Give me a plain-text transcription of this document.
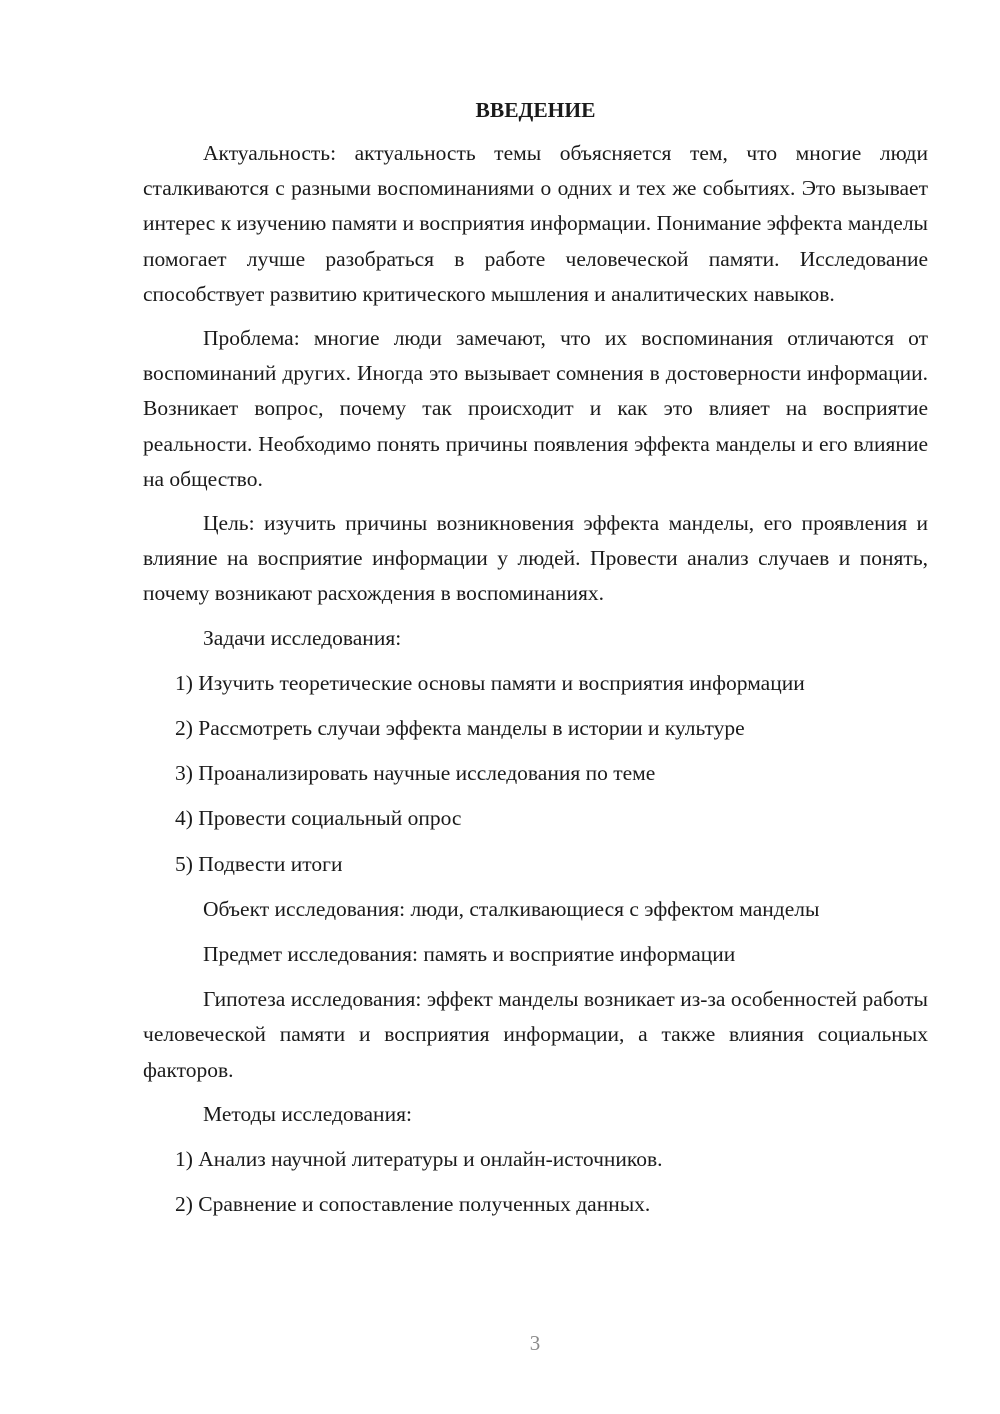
ВВЕДЕНИЕ

Актуальность: актуальность темы объясняется тем, что многие люди сталкиваются с разными воспоминаниями о одних и тех же событиях. Это вызывает интерес к изучению памяти и восприятия информации. Понимание эффекта манделы помогает лучше разобраться в работе человеческой памяти. Исследование способствует развитию критического мышления и аналитических навыков.

Проблема: многие люди замечают, что их воспоминания отличаются от воспоминаний других. Иногда это вызывает сомнения в достоверности информации. Возникает вопрос, почему так происходит и как это влияет на восприятие реальности. Необходимо понять причины появления эффекта манделы и его влияние на общество.

Цель: изучить причины возникновения эффекта манделы, его проявления и влияние на восприятие информации у людей. Провести анализ случаев и понять, почему возникают расхождения в воспоминаниях.

Задачи исследования:

1) Изучить теоретические основы памяти и восприятия информации

2) Рассмотреть случаи эффекта манделы в истории и культуре

3) Проанализировать научные исследования по теме

4) Провести социальный опрос

5) Подвести итоги

Объект исследования: люди, сталкивающиеся с эффектом манделы

Предмет исследования: память и восприятие информации

Гипотеза исследования: эффект манделы возникает из-за особенностей работы человеческой памяти и восприятия информации, а также влияния социальных факторов.

Методы исследования:

1) Анализ научной литературы и онлайн-источников.

2) Сравнение и сопоставление полученных данных.

3
